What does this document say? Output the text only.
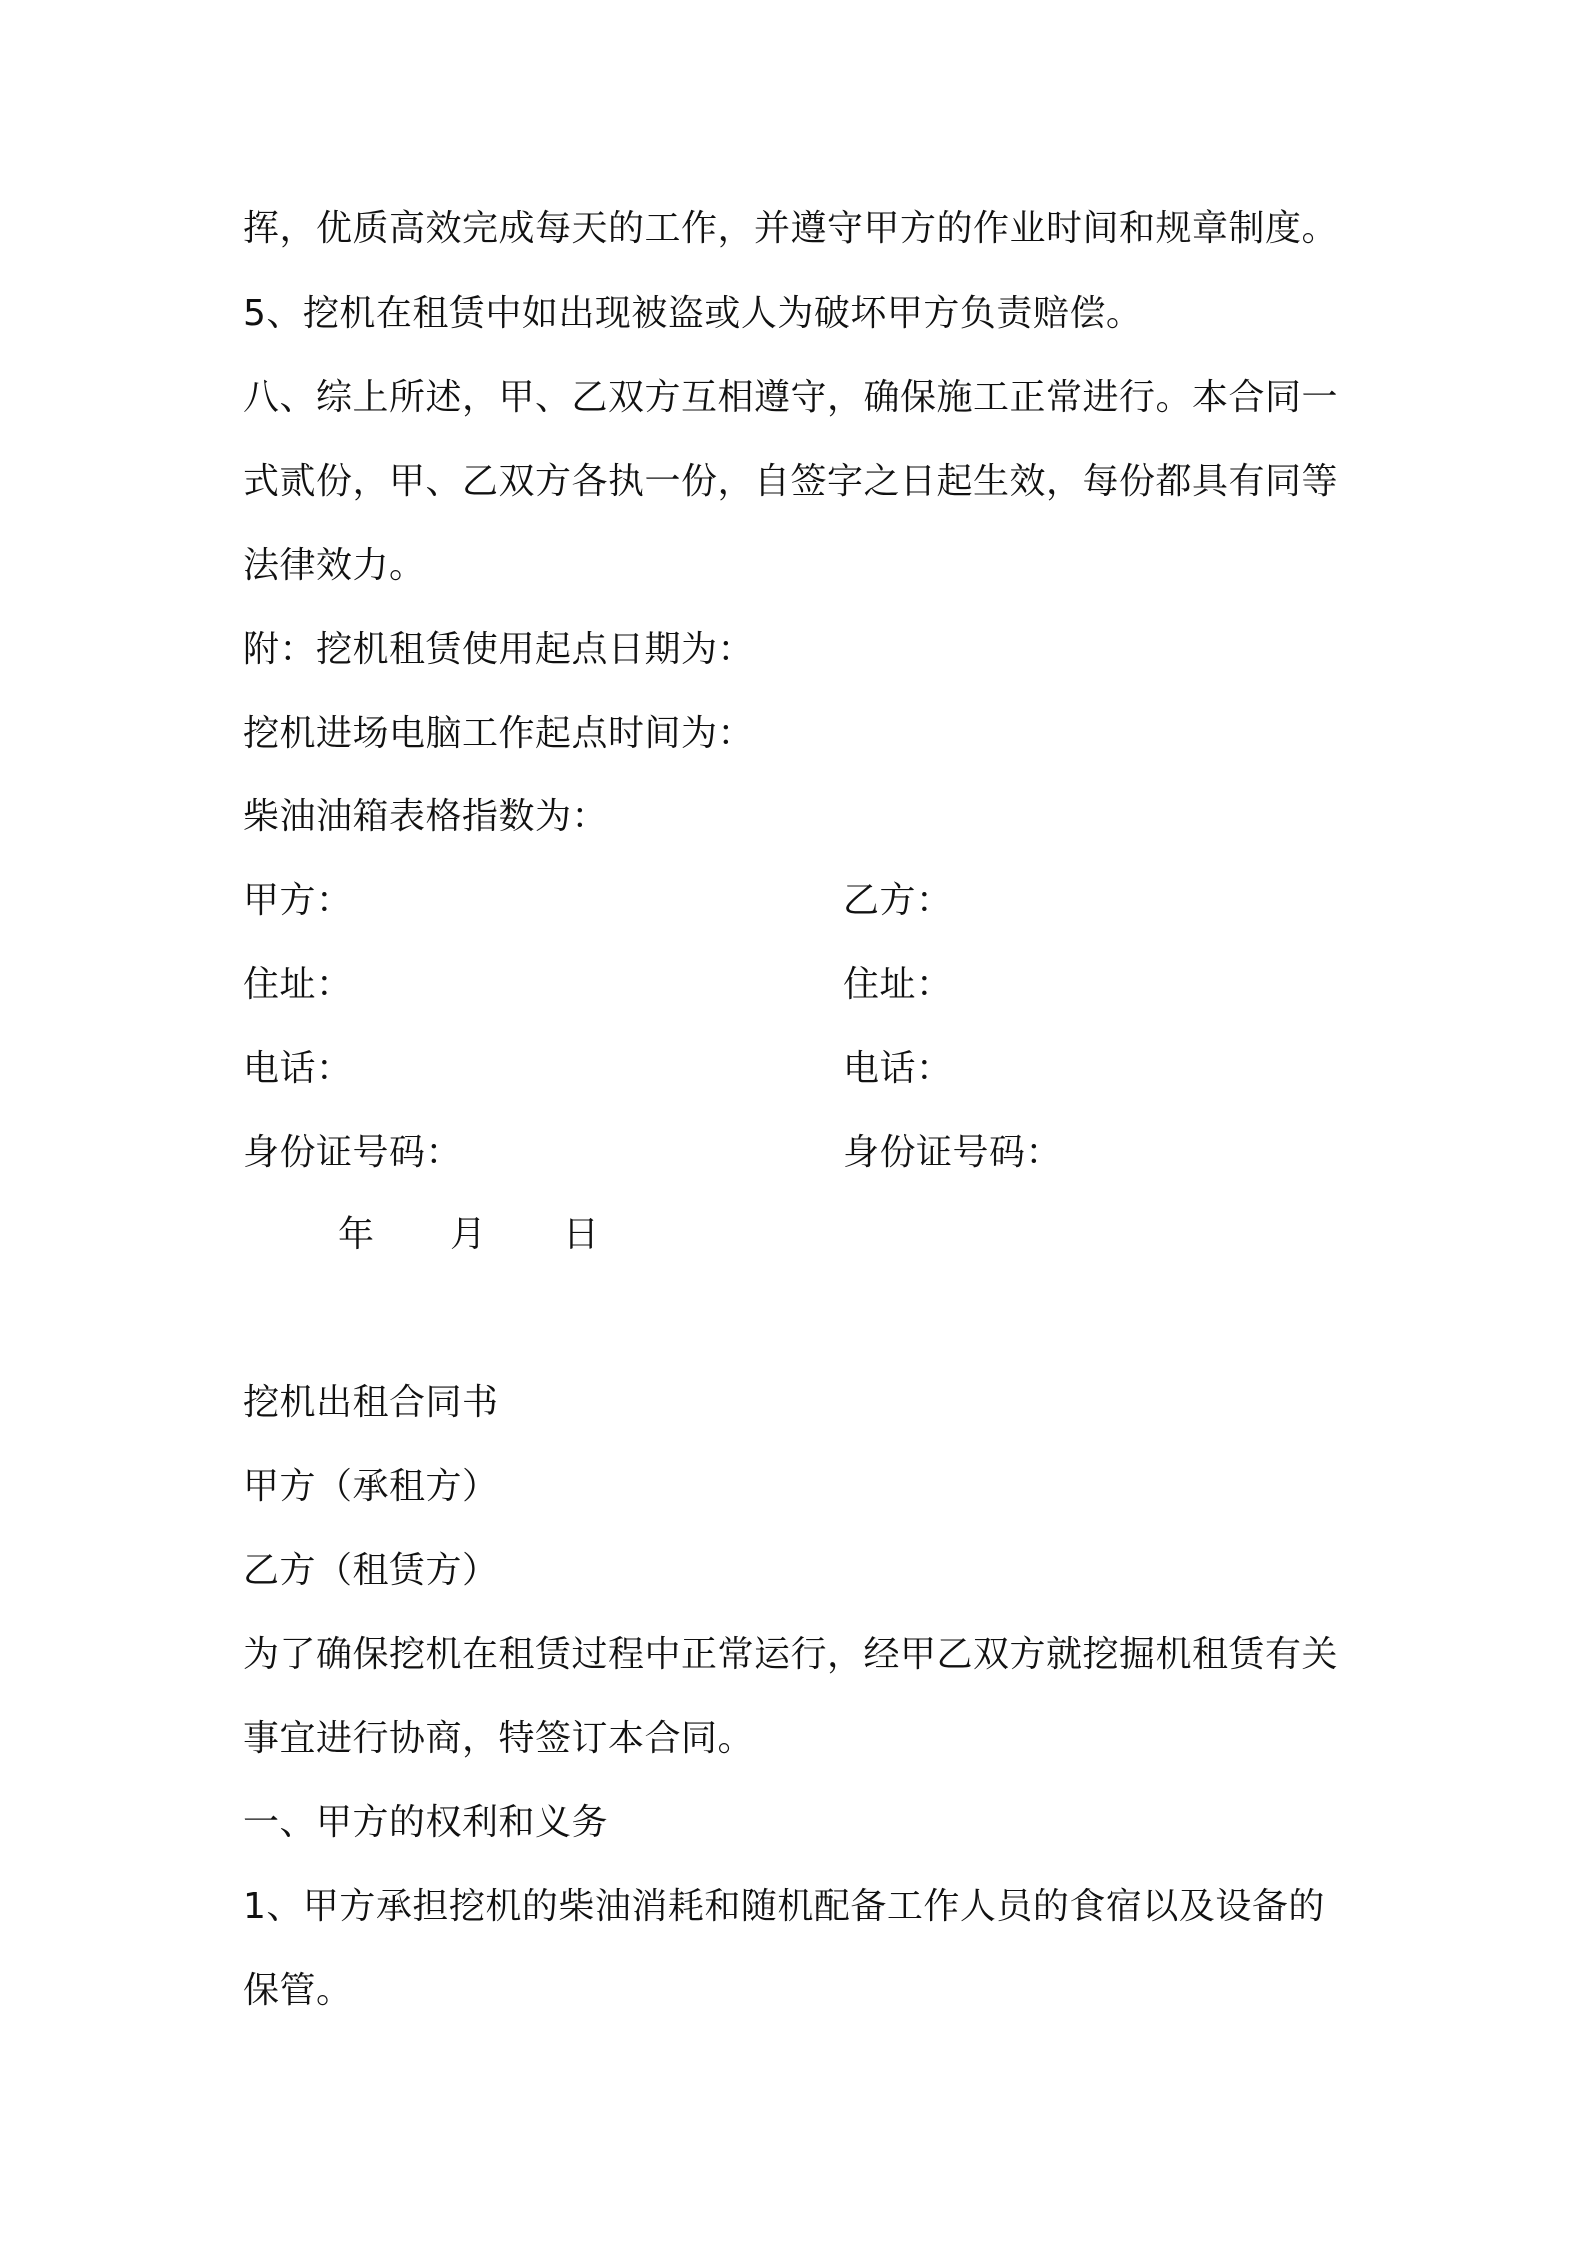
挥，优质高效完成每天的工作，并遵守甲方的作业时间和规章制度。
5、挖机在租赁中如出现被盗或人为破坏甲方负责赔偿。
八、综上所述，甲、乙双方互相遵守，确保施工正常进行。本合同一
式贰份，甲、乙双方各执一份，自签字之日起生效，每份都具有同等
法律效力。
附：挖机租赁使用起点日期为：
挖机进场电脑工作起点时间为：
柴油油箱表格指数为：
甲方：	乙方：
住址：	住址：
电话：	电话：
身份证号码：	身份证号码：
年 月 日
挖机出租合同书
甲方（承租方）
乙方（租赁方）
为了确保挖机在租赁过程中正常运行，经甲乙双方就挖掘机租赁有关
事宜进行协商，特签订本合同。
一、甲方的权利和义务
1、甲方承担挖机的柴油消耗和随机配备工作人员的食宿以及设备的
保管。
